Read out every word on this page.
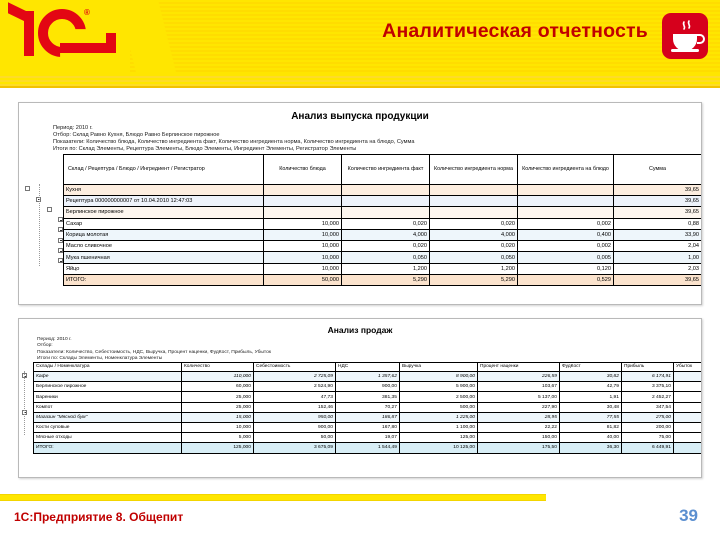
®
Аналитическая отчетность
Анализ выпуска продукции
Период: 2010 г.
Отбор: Склад Равно Кухня, Блюдо Равно Берлинское пирожное
Показатели: Количество блюда, Количество ингредиента факт, Количество ингредиента норма, Количество ингредиента на блюдо, Сумма
Итоги по: Склад Элементы, Рецептура Элементы, Блюдо Элементы, Ингредиент Элементы, Регистратор Элементы
Склад / Рецептура / Блюдо / Ингредиент / Регистратор	Количество блюда	Количество ингредиента факт	Количество ингредиента норма	Количество ингредиента на блюдо	Сумма
Кухня					39,65
Рецептура 000000000007 от 10.04.2010 12:47:03					39,65
Берлинское пирожное					39,65
Сахар	10,000	0,020	0,020	0,002	0,88
Корица молотая	10,000	4,000	4,000	0,400	33,90
Масло сливочное	10,000	0,020	0,020	0,002	2,04
Мука пшеничная	10,000	0,050	0,050	0,005	1,00
Яйцо	10,000	1,200	1,200	0,120	2,03
ИТОГО:	50,000	5,290	5,290	0,529	39,65
Анализ продаж
Период: 2010 г.
Отбор:
Показатели: Количество, Себестоимость, НДС, Выручка, Процент наценки, ФудКост, Прибыль, Убыток
Итоги по: Склады Элементы, Номенклатура Элементы
Склады / Номенклатура	Количество	Себестоимость	НДС	Выручка	Процент наценки	ФудКост	Прибыль	Убыток
Кафе	110,000	2 725,09	1 357,62	8 900,00	226,59	30,82	6 174,91	
Берлинское пирожное	60,000	2 524,90	900,00	5 900,00	103,67	42,79	3 375,10	
Вареники	25,000	47,73	381,35	2 500,00	5 137,00	1,91	2 452,27	
Компот	25,000	152,46	70,27	500,00	227,90	30,48	347,54	
Магазин "Мясной бум"	15,000	950,00	186,87	1 225,00	28,95	77,55	275,00	
Кости суповые	10,000	900,00	167,80	1 100,00	22,22	81,82	200,00	
Мясные отходы	5,000	50,00	19,07	125,00	150,00	40,00	75,00	
ИТОГО:	125,000	3 675,09	1 544,49	10 125,00	175,50	36,30	6 449,91	
1С:Предприятие 8. Общепит	39
